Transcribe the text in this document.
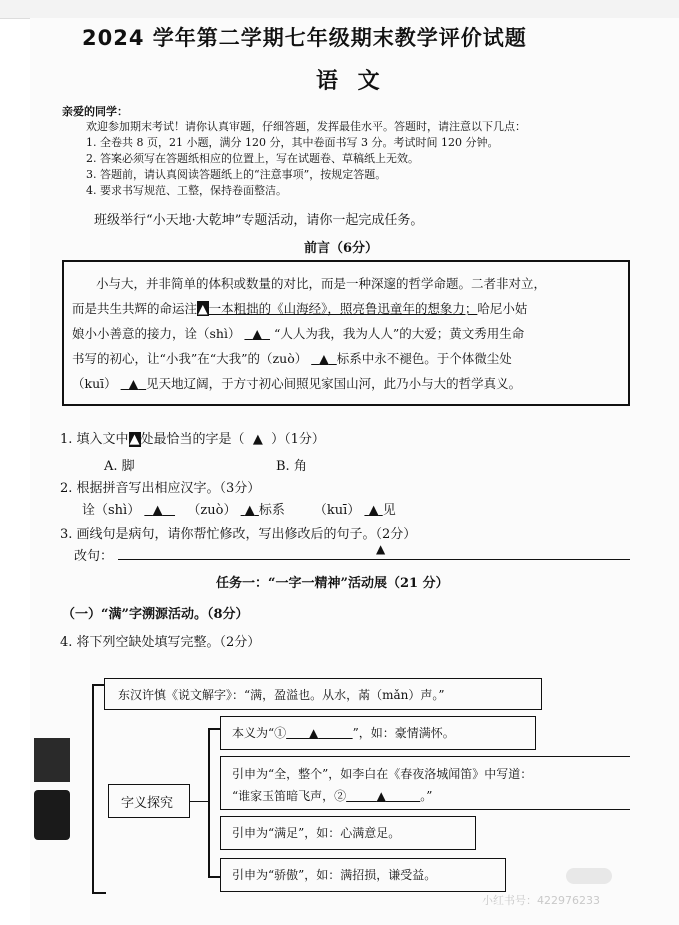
2024 学年第二学期七年级期末教学评价试题
语 文
亲爱的同学：
欢迎参加期末考试！请你认真审题，仔细答题，发挥最佳水平。答题时，请注意以下几点：
1. 全卷共 8 页，21 小题，满分 120 分，其中卷面书写 3 分。考试时间 120 分钟。
2. 答案必须写在答题纸相应的位置上，写在试题卷、草稿纸上无效。
3. 答题前，请认真阅读答题纸上的“注意事项”，按规定答题。
4. 要求书写规范、工整，保持卷面整洁。
班级举行“小天地·大乾坤”专题活动，请你一起完成任务。
前言（6分）
小与大，并非简单的体积或数量的对比，而是一种深邃的哲学命题。二者非对立，
而是共生共辉的命运注▲一本粗拙的《山海经》，照亮鲁迅童年的想象力；哈尼小姑
娘小小善意的接力，诠（shì） ▲ “人人为我，我为人人”的大爱；黄文秀用生命
书写的初心，让“小我”在“大我”的（zuò） ▲ 标系中永不褪色。于个体微尘处
（kuī） ▲ 见天地辽阔，于方寸初心间照见家国山河，此乃小与大的哲学真义。
1. 填入文中▲处最恰当的字是（ ▲ ）（1分）
A. 脚	B. 角
2. 根据拼音写出相应汉字。（3分）
诠（shì） ▲ （zuò） ▲ 标系 （kuī） ▲ 见
3. 画线句是病句，请你帮忙修改，写出修改后的句子。（2分）
改句：	▲
任务一：“一字一精神”活动展（21 分）
（一）“满”字溯源活动。（8分）
4. 将下列空缺处填写完整。（2分）
东汉许慎《说文解字》：“满，盈溢也。从水，㒼（mǎn）声。”
字义探究
本义为“① ▲	”，如：豪情满怀。
引申为“全，整个”，如李白在《春夜洛城闻笛》中写道：
“谁家玉笛暗飞声，②	▲	。”
引申为“满足”，如：心满意足。
引申为“骄傲”，如：满招损，谦受益。
小红书号：422976233
